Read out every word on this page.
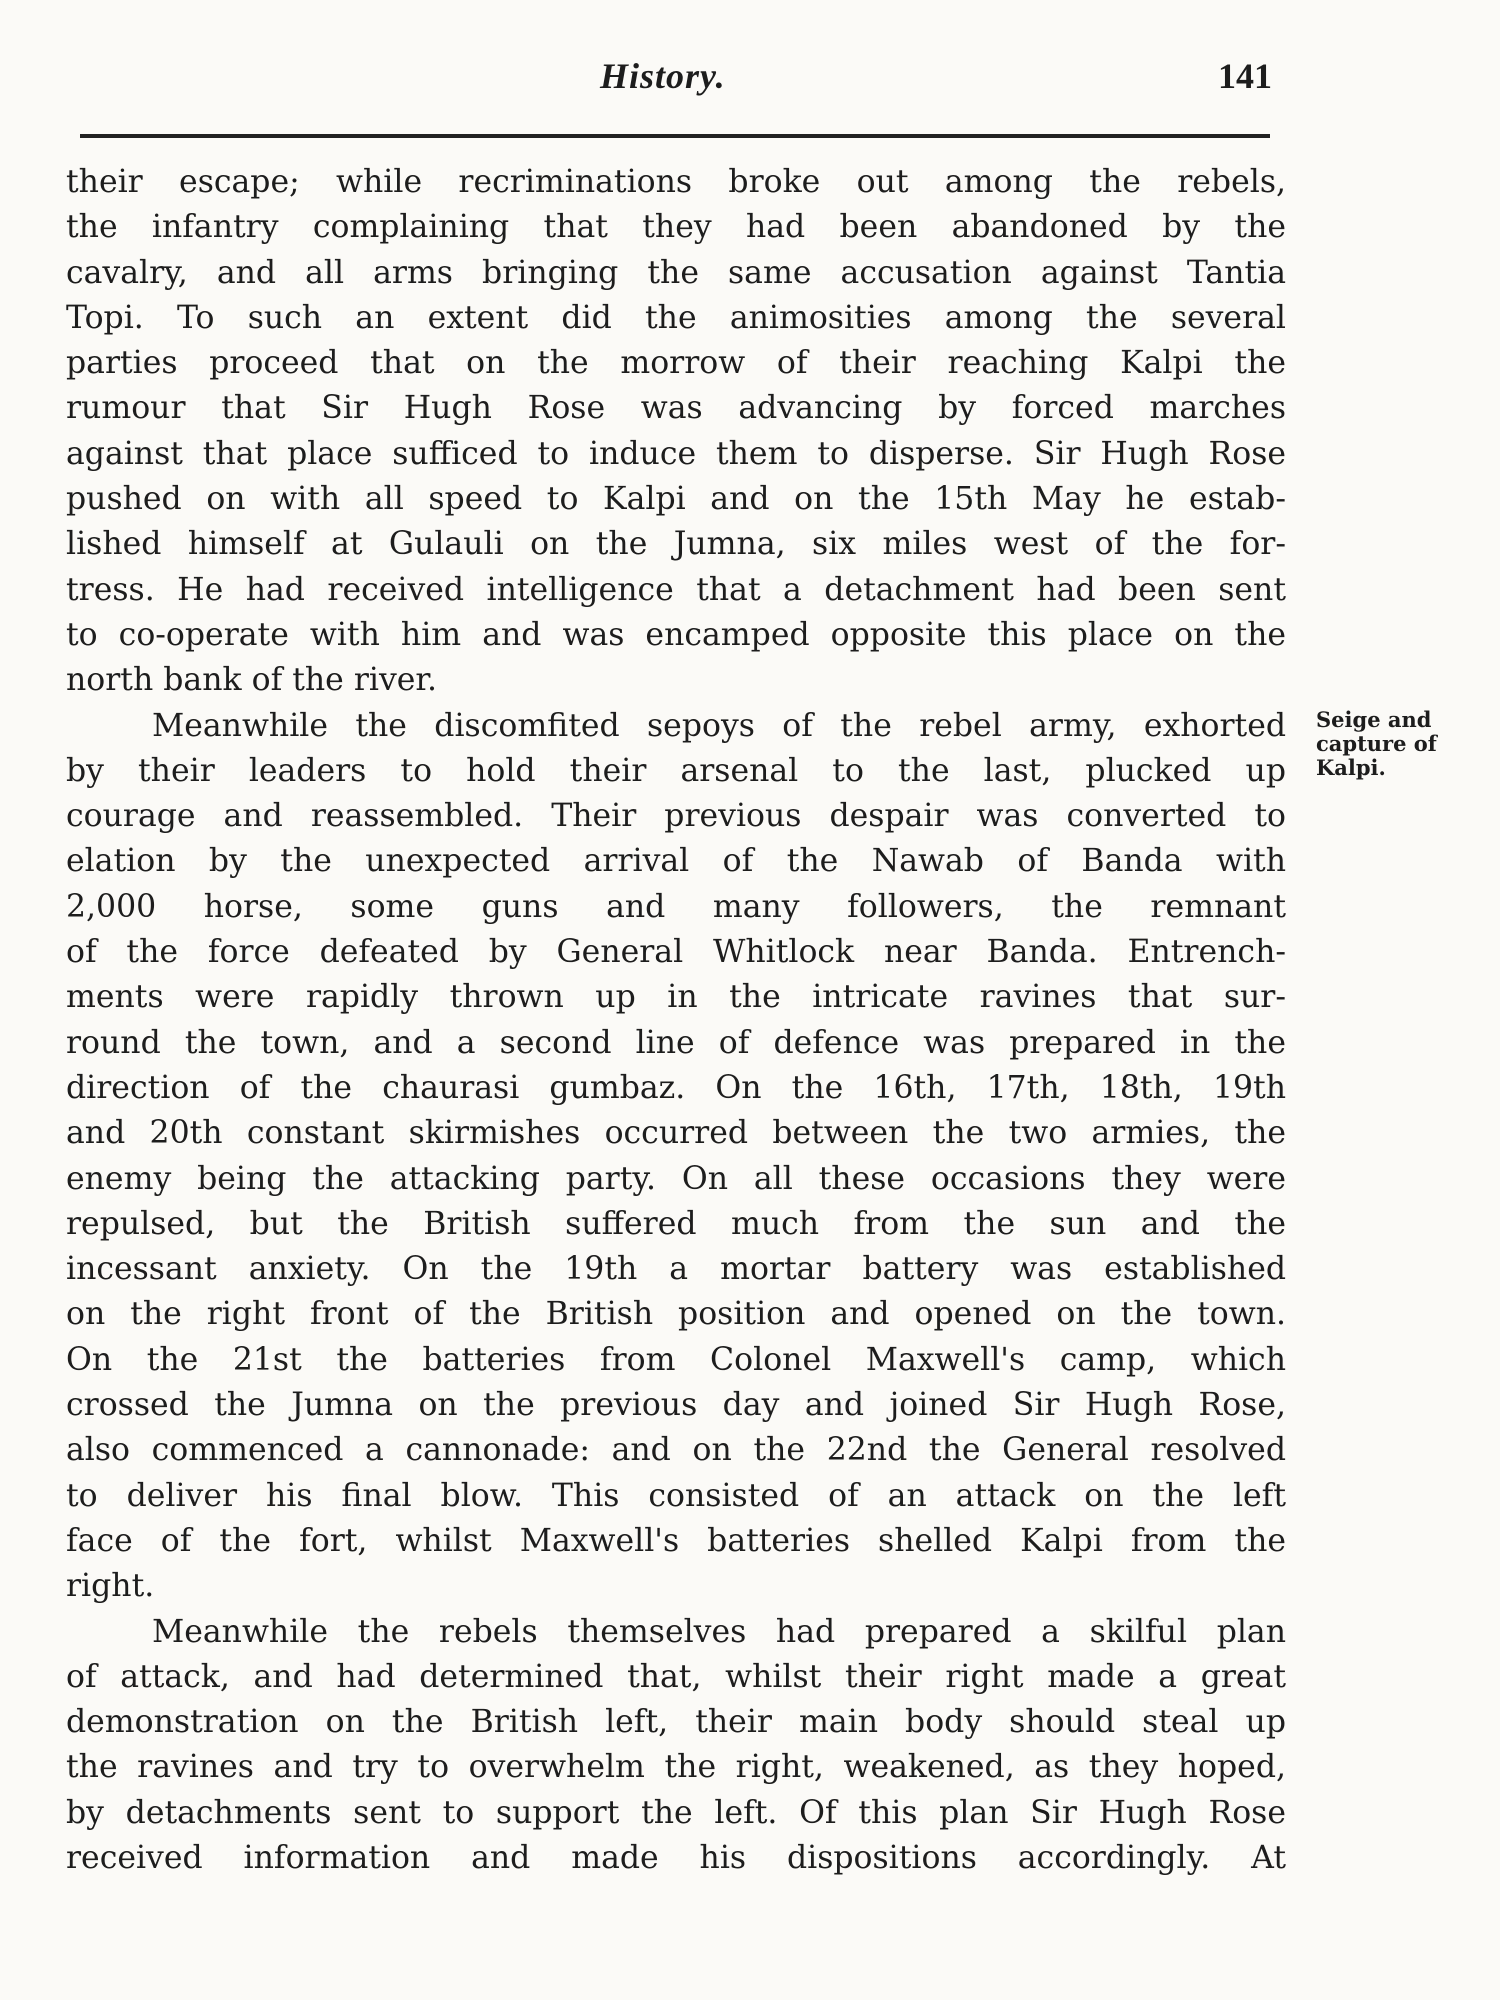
History.	141
their escape; while recriminations broke out among the rebels,
the infantry complaining that they had been abandoned by the
cavalry, and all arms bringing the same accusation against Tantia
Topi. To such an extent did the animosities among the several
parties proceed that on the morrow of their reaching Kalpi the
rumour that Sir Hugh Rose was advancing by forced marches
against that place sufficed to induce them to disperse. Sir Hugh Rose
pushed on with all speed to Kalpi and on the 15th May he estab-
lished himself at Gulauli on the Jumna, six miles west of the for-
tress. He had received intelligence that a detachment had been sent
to co-operate with him and was encamped opposite this place on the
north bank of the river.
Meanwhile the discomfited sepoys of the rebel army, exhorted
by their leaders to hold their arsenal to the last, plucked up
courage and reassembled. Their previous despair was converted to
elation by the unexpected arrival of the Nawab of Banda with
2,000 horse, some guns and many followers, the remnant
of the force defeated by General Whitlock near Banda. Entrench-
ments were rapidly thrown up in the intricate ravines that sur-
round the town, and a second line of defence was prepared in the
direction of the chaurasi gumbaz. On the 16th, 17th, 18th, 19th
and 20th constant skirmishes occurred between the two armies, the
enemy being the attacking party. On all these occasions they were
repulsed, but the British suffered much from the sun and the
incessant anxiety. On the 19th a mortar battery was established
on the right front of the British position and opened on the town.
On the 21st the batteries from Colonel Maxwell's camp, which
crossed the Jumna on the previous day and joined Sir Hugh Rose,
also commenced a cannonade: and on the 22nd the General resolved
to deliver his final blow. This consisted of an attack on the left
face of the fort, whilst Maxwell's batteries shelled Kalpi from the
right.
Meanwhile the rebels themselves had prepared a skilful plan
of attack, and had determined that, whilst their right made a great
demonstration on the British left, their main body should steal up
the ravines and try to overwhelm the right, weakened, as they hoped,
by detachments sent to support the left. Of this plan Sir Hugh Rose
received information and made his dispositions accordingly. At
Seige and
capture of
Kalpi.
